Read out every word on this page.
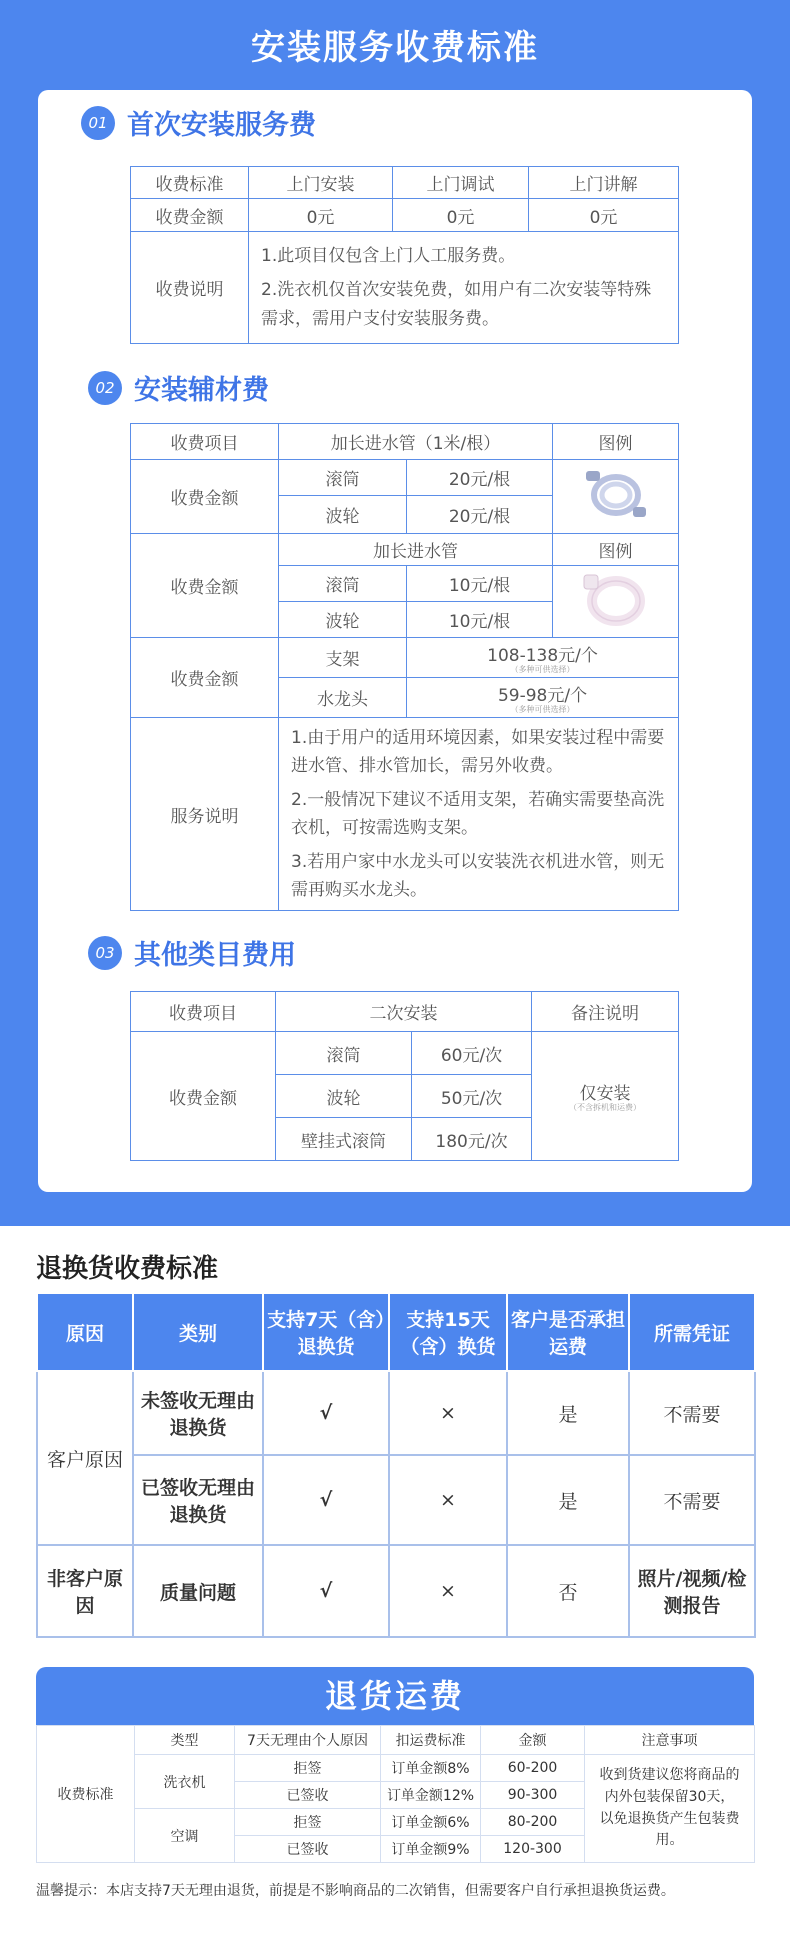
安装服务收费标准
01 首次安装服务费
收费标准	上门安装	上门调试	上门讲解
收费金额	0元	0元	0元
收费说明	1.此项目仅包含上门人工服务费。

2.洗衣机仅首次安装免费，如用户有二次安装等特殊需求，需用户支付安装服务费。		

02 安装辅材费
收费项目	加长进水管（1米/根）		图例
收费金额	滚筒	20元/根	
	波轮	20元/根	
收费金额	加长进水管		图例
	滚筒	10元/根	
	波轮	10元/根	
收费金额	支架	108-138元/个
（多种可供选择）	

	水龙头	59-98元/个
（多种可供选择）	

服务说明	1.由于用户的适用环境因素，如果安装过程中需要进水管、排水管加长，需另外收费。

2.一般情况下建议不适用支架，若确实需要垫高洗衣机，可按需选购支架。

3.若用户家中水龙头可以安装洗衣机进水管，则无需再购买水龙头。		

03 其他类目费用
收费项目	二次安装		备注说明
收费金额	滚筒	60元/次	仅安装
（不含拆机和运费）

	波轮	50元/次	
	壁挂式滚筒	180元/次	
退换货收费标准
原因	类别	支持7天（含）退换货	支持15天（含）换货	客户是否承担运费	所需凭证
客户原因	未签收无理由退换货	√	×	是	不需要
	已签收无理由退换货	√	×	是	不需要
非客户原因	质量问题	√	×	否	照片/视频/检测报告
退货运费
收费标准	类型	7天无理由个人原因	扣运费标准	金额	注意事项
	洗衣机	拒签	订单金额8%	60-200	收到货建议您将商品的内外包装保留30天，以免退换货产生包装费用。
		已签收	订单金额12%	90-300	
	空调	拒签	订单金额6%	80-200	
		已签收	订单金额9%	120-300	
温馨提示：本店支持7天无理由退货，前提是不影响商品的二次销售，但需要客户自行承担退换货运费。
